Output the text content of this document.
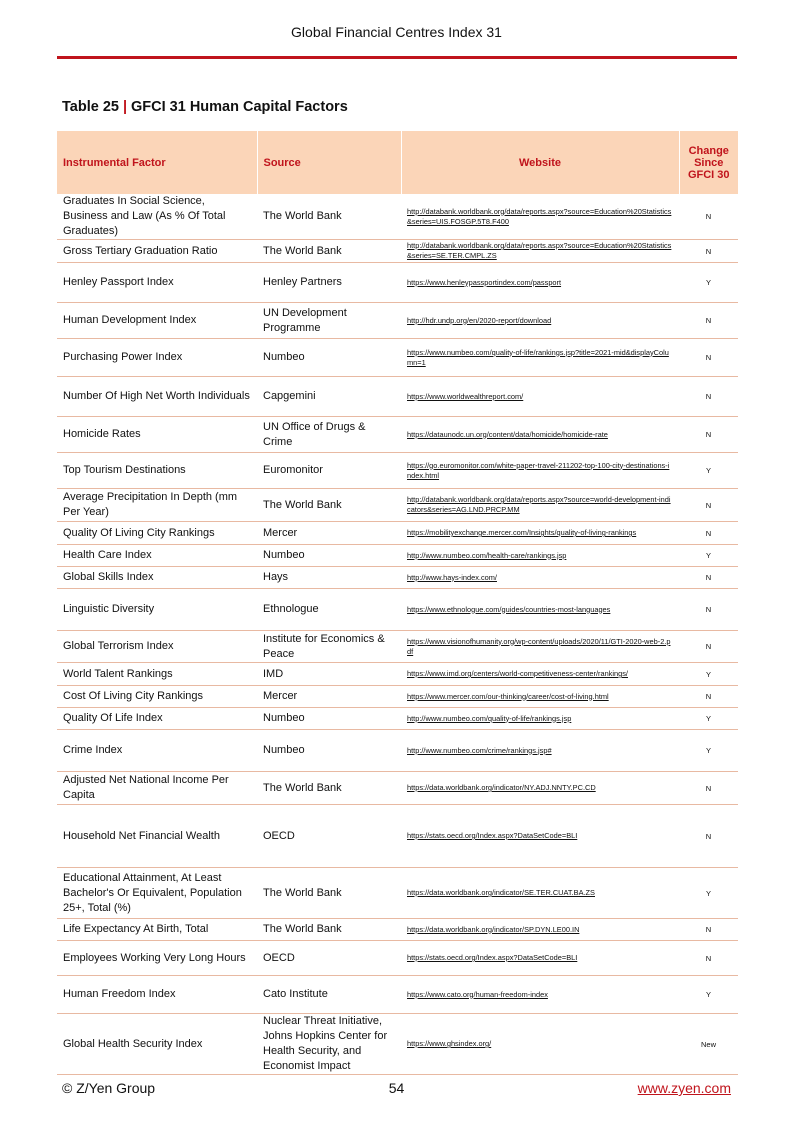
Global Financial Centres Index 31
Table 25 | GFCI 31 Human Capital Factors
Instrumental Factor	Source	Website	Change Since GFCI 30
Graduates In Social Science, Business and Law (As % Of Total Graduates)	The World Bank	http://databank.worldbank.org/data/reports.aspx?source=Education%20Statistics&series=UIS.FOSGP.5T8.F400	N
Gross Tertiary Graduation Ratio	The World Bank	http://databank.worldbank.org/data/reports.aspx?source=Education%20Statistics&series=SE.TER.CMPL.ZS	N
Henley Passport Index	Henley Partners	https://www.henleypassportindex.com/passport	Y
Human Development Index	UN Development Programme	http://hdr.undp.org/en/2020-report/download	N
Purchasing Power Index	Numbeo	https://www.numbeo.com/quality-of-life/rankings.jsp?title=2021-mid&displayColumn=1	N
Number Of High Net Worth Individuals	Capgemini	https://www.worldwealthreport.com/	N
Homicide Rates	UN Office of Drugs & Crime	https://dataunodc.un.org/content/data/homicide/homicide-rate	N
Top Tourism Destinations	Euromonitor	https://go.euromonitor.com/white-paper-travel-211202-top-100-city-destinations-index.html	Y
Average Precipitation In Depth (mm Per Year)	The World Bank	http://databank.worldbank.org/data/reports.aspx?source=world-development-indicators&series=AG.LND.PRCP.MM	N
Quality Of Living City Rankings	Mercer	https://mobilityexchange.mercer.com/Insights/quality-of-living-rankings	N
Health Care Index	Numbeo	http://www.numbeo.com/health-care/rankings.jsp	Y
Global Skills Index	Hays	http://www.hays-index.com/	N
Linguistic Diversity	Ethnologue	https://www.ethnologue.com/guides/countries-most-languages	N
Global Terrorism Index	Institute for Economics & Peace	https://www.visionofhumanity.org/wp-content/uploads/2020/11/GTI-2020-web-2.pdf	N
World Talent Rankings	IMD	https://www.imd.org/centers/world-competitiveness-center/rankings/	Y
Cost Of Living City Rankings	Mercer	https://www.mercer.com/our-thinking/career/cost-of-living.html	N
Quality Of Life Index	Numbeo	http://www.numbeo.com/quality-of-life/rankings.jsp	Y
Crime Index	Numbeo	http://www.numbeo.com/crime/rankings.jsp#	Y
Adjusted Net National Income Per Capita	The World Bank	https://data.worldbank.org/indicator/NY.ADJ.NNTY.PC.CD	N
Household Net Financial Wealth	OECD	https://stats.oecd.org/Index.aspx?DataSetCode=BLI	N
Educational Attainment, At Least Bachelor's Or Equivalent, Population 25+, Total (%)	The World Bank	https://data.worldbank.org/indicator/SE.TER.CUAT.BA.ZS	Y
Life Expectancy At Birth, Total	The World Bank	https://data.worldbank.org/indicator/SP.DYN.LE00.IN	N
Employees Working Very Long Hours	OECD	https://stats.oecd.org/Index.aspx?DataSetCode=BLI	N
Human Freedom Index	Cato Institute	https://www.cato.org/human-freedom-index	Y
Global Health Security Index	Nuclear Threat Initiative, Johns Hopkins Center for Health Security, and Economist Impact	https://www.ghsindex.org/	New
© Z/Yen Group	54	www.zyen.com
